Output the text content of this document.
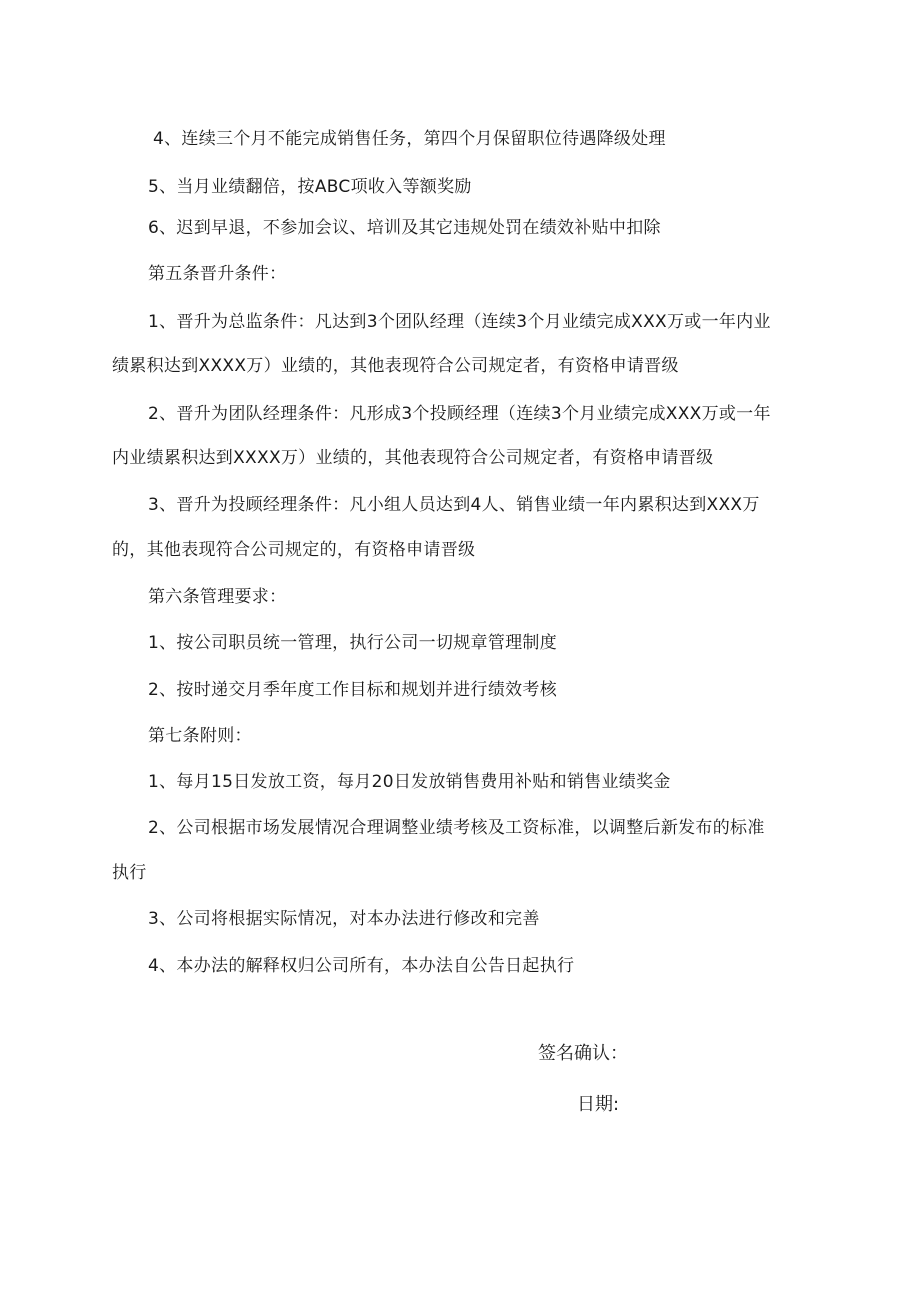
4、连续三个月不能完成销售任务，第四个月保留职位待遇降级处理
5、当月业绩翻倍，按ABC项收入等额奖励
6、迟到早退，不参加会议、培训及其它违规处罚在绩效补贴中扣除
第五条晋升条件：
1、晋升为总监条件：凡达到3个团队经理（连续3个月业绩完成XXX万或一年内业
绩累积达到XXXX万）业绩的，其他表现符合公司规定者，有资格申请晋级
2、晋升为团队经理条件：凡形成3个投顾经理（连续3个月业绩完成XXX万或一年
内业绩累积达到XXXX万）业绩的，其他表现符合公司规定者，有资格申请晋级
3、晋升为投顾经理条件：凡小组人员达到4人、销售业绩一年内累积达到XXX万
的，其他表现符合公司规定的，有资格申请晋级
第六条管理要求：
1、按公司职员统一管理，执行公司一切规章管理制度
2、按时递交月季年度工作目标和规划并进行绩效考核
第七条附则：
1、每月15日发放工资，每月20日发放销售费用补贴和销售业绩奖金
2、公司根据市场发展情况合理调整业绩考核及工资标准，以调整后新发布的标准
执行
3、公司将根据实际情况，对本办法进行修改和完善
4、本办法的解释权归公司所有，本办法自公告日起执行
签名确认：
日期:
